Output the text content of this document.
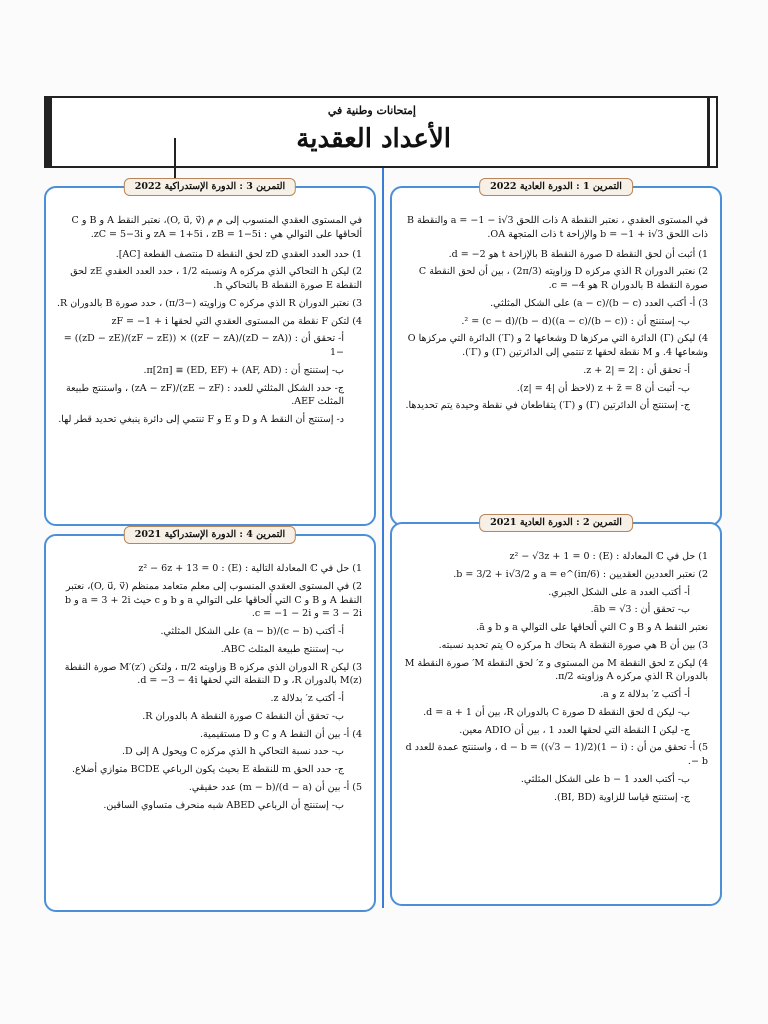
إمتحانات وطنية في
الأعداد العقدية
التمرين 1 : الدورة العادية 2022
في المستوى العقدي ، نعتبر النقطة A ذات اللحق a = −1 − i√3 والنقطة B ذات اللحق b = −1 + i√3 والإزاحة t ذات المتجهة OA.
1) أثبت أن لحق النقطة D صورة النقطة B بالإزاحة t هو d = −2.
2) نعتبر الدوران R الذي مركزه D وزاويته (2π/3) ، بين أن لحق النقطة C صورة النقطة B بالدوران R هو c = −4.
3) أ- أكتب العدد (b − c)/(a − c) على الشكل المثلثي.
ب- إستنتج أن : ((b − c)/(a − c))² = (c − d)/(b − d).
4) ليكن (Γ) الدائرة التي مركزها D وشعاعها 2 و (Γ′) الدائرة التي مركزها O وشعاعها 4. و M نقطة لحقها z تنتمي إلى الدائرتين (Γ) و (Γ′).
أ- تحقق أن : |z + 2| = 2.
ب- أثبت أن z + z̄ = 8 (لاحظ أن |z| = 4).
ج- إستنتج أن الدائرتين (Γ) و (Γ′) يتقاطعان في نقطة وحيدة يتم تحديدها.
التمرين 2 : الدورة العادية 2021
1) حل في ℂ المعادلة : (E) : z² − √3z + 1 = 0
2) نعتبر العددين العقديين : a = e^(iπ/6) و b = 3/2 + i√3/2.
أ- أكتب العدد a على الشكل الجبري.
ب- تحقق أن : āb = √3.
نعتبر النقط A و B و C التي ألحاقها على التوالي a و b و ā.
3) بين أن B هي صورة النقطة A بتحاك h مركزه O يتم تحديد نسبته.
4) ليكن z لحق النقطة M من المستوى و z′ لحق النقطة M′ صورة النقطة M بالدوران R الذي مركزه A وزاويته π/2.
أ- أكتب z′ بدلالة z و a.
ب- ليكن d لحق النقطة D صورة C بالدوران R، بين أن d = a + 1.
ج- ليكن I النقطة التي لحقها العدد 1 ، بين أن ADIO معين.
5) أ- تحقق من أن : d − b = ((√3 − 1)/2)(1 − i) ، واستنتج عمدة للعدد d − b.
ب- أكتب العدد 1 − b على الشكل المثلثي.
ج- إستنتج قياسا للزاوية (BI, BD).
التمرين 3 : الدورة الإستدراكية 2022
في المستوى العقدي المنسوب إلى م م (O, u⃗, v⃗)، نعتبر النقط A و B و C ألحاقها على التوالي هي : zA = 1+5i ، zB = 1−5i و zC = 5−3i.
1) حدد العدد العقدي zD لحق النقطة D منتصف القطعة [AC].
2) ليكن h التحاكي الذي مركزه A ونسبته 1/2 ، حدد العدد العقدي zE لحق النقطة E صورة النقطة B بالتحاكي h.
3) نعتبر الدوران R الذي مركزه C وزاويته (−π/3) ، حدد صورة B بالدوران R.
4) لتكن F نقطة من المستوى العقدي التي لحقها zF = −1 + i
أ- تحقق أن : ((zD − zA)/(zF − zA)) × ((zF − zE)/(zD − zE)) = −1
ب- إستنتج أن : (AF, AD) + (ED, EF) ≡ π[2π].
ج- حدد الشكل المثلثي للعدد : (zE − zF)/(zA − zF) ، واستنتج طبيعة المثلث AEF.
د- إستنتج أن النقط A و D و E و F تنتمي إلى دائرة ينبغي تحديد قطر لها.
التمرين 4 : الدورة الإستدراكية 2021
1) حل في ℂ المعادلة التالية : (E) : z² − 6z + 13 = 0
2) في المستوى العقدي المنسوب إلى معلم متعامد ممنظم (O, u⃗, v⃗)، نعتبر النقط A و B و C التي ألحاقها على التوالي a و b و c حيث a = 3 + 2i و b = 3 − 2i و c = −1 − 2i.
أ- أكتب (c − b)/(a − b) على الشكل المثلثي.
ب- إستنتج طبيعة المثلث ABC.
3) ليكن R الدوران الذي مركزه B وزاويته π/2 ، ولتكن M′(z′) صورة النقطة M(z) بالدوران R، و D النقطة التي لحقها d = −3 − 4i.
أ- أكتب z′ بدلالة z.
ب- تحقق أن النقطة C صورة النقطة A بالدوران R.
4) أ- بين أن النقط A و C و D مستقيمية.
ب- حدد نسبة التحاكي h الذي مركزه C ويحول A إلى D.
ج- حدد الحق m للنقطة E بحيث يكون الرباعي BCDE متوازي أضلاع.
5) أ- بين أن (d − a)/(m − b) عدد حقيقي.
ب- إستنتج أن الرباعي ABED شبه منحرف متساوي الساقين.
